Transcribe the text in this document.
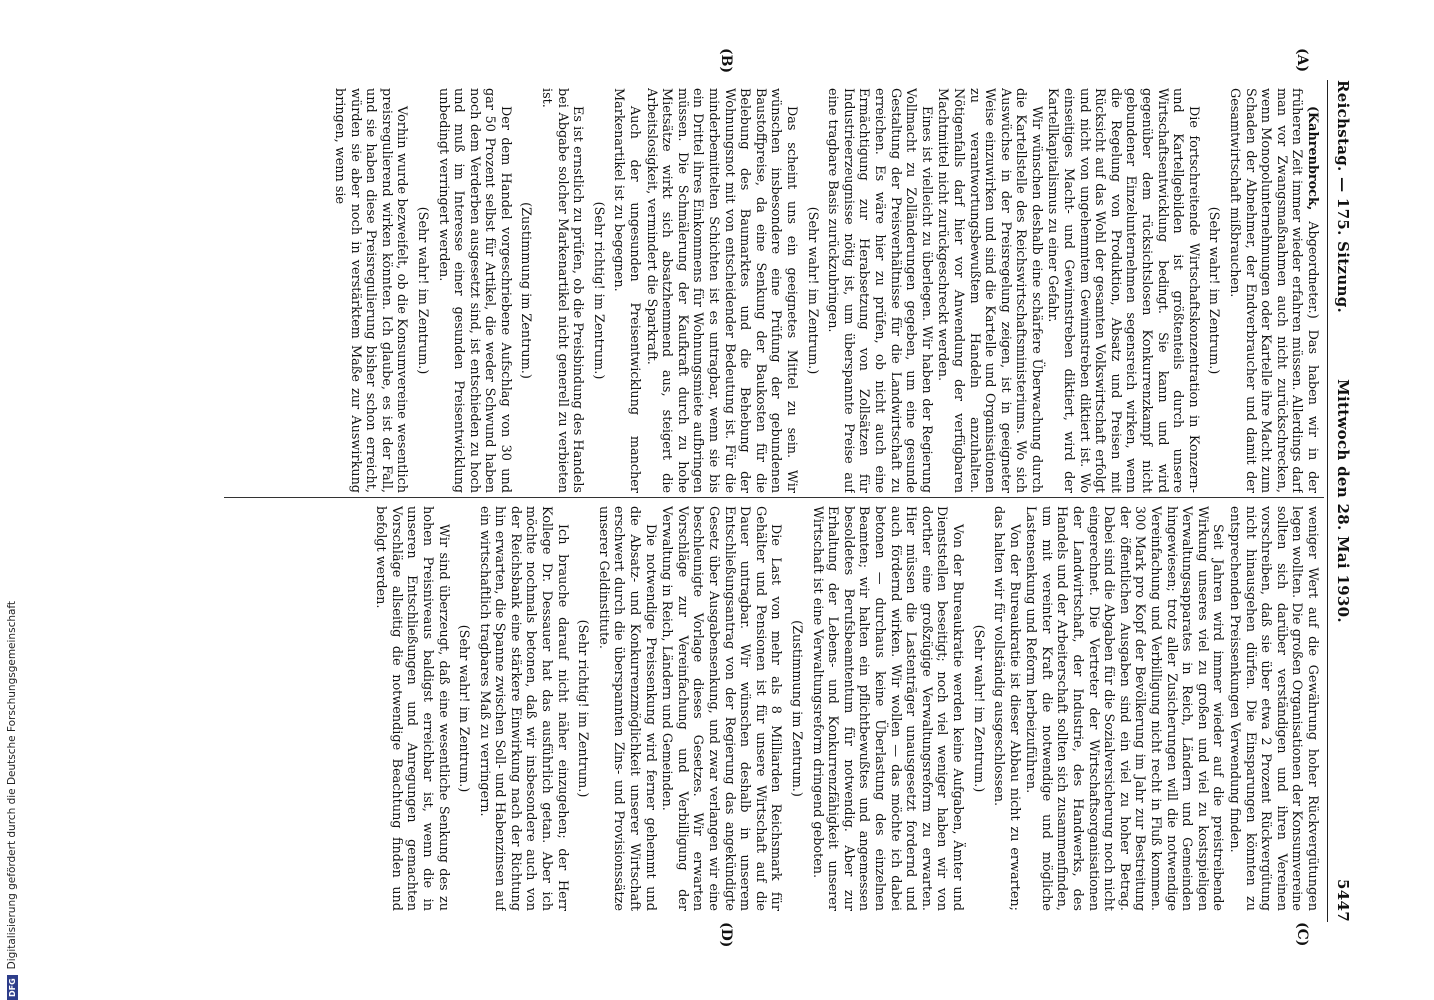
Reichstag. — 175. Sitzung.
Mittwoch den 28. Mai 1930.
5447
(A)
(B)
(C)
(D)

(Kahrenbrock, Abgeordneter.) Das haben wir in der früheren Zeit immer wieder erfahren müssen. Allerdings darf man vor Zwangsmaßnahmen auch nicht zurückschrecken, wenn Monopolunternehmungen oder Kartelle ihre Macht zum Schaden der Abnehmer, der Endverbraucher und damit der Gesamtwirtschaft mißbrauchen.

(Sehr wahr! im Zentrum.)

Die fortschreitende Wirtschaftskonzentration in Konzern- und Kartellgebilden ist größtenteils durch unsere Wirtschaftsentwicklung bedingt. Sie kann und wird gegenüber dem rücksichtslosen Konkurrenzkampf nicht gebundener Einzelunternehmen segensreich wirken, wenn die Regelung von Produktion, Absatz und Preisen mit Rücksicht auf das Wohl der gesamten Volkswirtschaft erfolgt und nicht von ungehemmtem Gewinnstreben diktiert ist. Wo einseitiges Macht- und Gewinnstreben diktiert, wird der Kartellkapitalismus zu einer Gefahr.

Wir wünschen deshalb eine schärfere Überwachung durch die Kartellstelle des Reichswirtschaftsministeriums. Wo sich Auswüchse in der Preisregelung zeigen, ist in geeigneter Weise einzuwirken und sind die Kartelle und Organisationen zu verantwortungsbewußtem Handeln anzuhalten. Nötigenfalls darf hier vor Anwendung der verfügbaren Machtmittel nicht zurückgeschreckt werden.

Eines ist vielleicht zu überlegen. Wir haben der Regierung Vollmacht zu Zolländerungen gegeben, um eine gesunde Gestaltung der Preisverhältnisse für die Landwirtschaft zu erreichen. Es wäre hier zu prüfen, ob nicht auch eine Ermächtigung zur Herabsetzung von Zollsätzen für Industrieerzeugnisse nötig ist, um überspannte Preise auf eine tragbare Basis zurückzubringen.

(Sehr wahr! im Zentrum.)

Das scheint uns ein geeignetes Mittel zu sein. Wir wünschen insbesondere eine Prüfung der gebundenen Baustoffpreise, da eine Senkung der Baukosten für die Belebung des Baumarktes und die Behebung der Wohnungsnot mit von entscheidender Bedeutung ist. Für die minderbemittelten Schichten ist es untragbar, wenn sie bis ein Drittel ihres Einkommens für Wohnungsmiete aufbringen müssen. Die Schmälerung der Kaufkraft durch zu hohe Mietsätze wirkt sich absatzhemmend aus, steigert die Arbeitslosigkeit, vermindert die Sparkraft.

Auch der ungesunden Preisentwicklung mancher Markenartikel ist zu begegnen.

(Sehr richtig! im Zentrum.)

Es ist ernstlich zu prüfen, ob die Preisbindung des Handels bei Abgabe solcher Markenartikel nicht generell zu verbieten ist.

(Zustimmung im Zentrum.)

Der dem Handel vorgeschriebene Aufschlag von 30 und gar 50 Prozent selbst für Artikel, die weder Schwund haben noch dem Verderben ausgesetzt sind, ist entschieden zu hoch und muß im Interesse einer gesunden Preisentwicklung unbedingt verringert werden.

(Sehr wahr! im Zentrum.)

Vorhin wurde bezweifelt, ob die Konsumvereine wesentlich preisregulierend wirken könnten. Ich glaube, es ist der Fall, und sie haben diese Preisregulierung bisher schon erreicht, würden sie aber noch in verstärktem Maße zur Auswirkung bringen, wenn sie

weniger Wert auf die Gewährung hoher Rückvergütungen legen wollten. Die großen Organisationen der Konsumvereine sollten sich darüber verständigen und ihren Vereinen vorschreiben, daß sie über etwa 2 Prozent Rückvergütung nicht hinausgehen dürfen. Die Einsparungen könnten zu entsprechenden Preissenkungen Verwendung finden.

Seit Jahren wird immer wieder auf die preistreibende Wirkung unseres viel zu großen und viel zu kostspieligen Verwaltungsapparates in Reich, Ländern und Gemeinden hingewiesen; trotz aller Zusicherungen will die notwendige Vereinfachung und Verbilligung nicht recht in Fluß kommen. 300 Mark pro Kopf der Bevölkerung im Jahr zur Bestreitung der öffentlichen Ausgaben sind ein viel zu hoher Betrag. Dabei sind die Abgaben für die Sozialversicherung noch nicht eingerechnet. Die Vertreter der Wirtschaftsorganisationen der Landwirtschaft, der Industrie, des Handwerks, des Handels und der Arbeiterschaft sollten sich zusammenfinden, um mit vereinter Kraft die notwendige und mögliche Lastensenkung und Reform herbeizuführen.

Von der Bureaukratie ist dieser Abbau nicht zu erwarten; das halten wir für vollständig ausgeschlossen.

(Sehr wahr! im Zentrum.)

Von der Bureaukratie werden keine Aufgaben, Ämter und Dienststellen beseitigt; noch viel weniger haben wir von dorther eine großzügige Verwaltungsreform zu erwarten. Hier müssen die Lastenträger unausgesetzt fordernd und auch fördernd wirken. Wir wollen — das möchte ich dabei betonen — durchaus keine Überlastung des einzelnen Beamten; wir halten ein pflichtbewußtes und angemessen besoldetes Berufsbeamtentum für notwendig. Aber zur Erhaltung der Lebens- und Konkurrenzfähigkeit unserer Wirtschaft ist eine Verwaltungsreform dringend geboten.

(Zustimmung im Zentrum.)

Die Last von mehr als 8 Milliarden Reichsmark für Gehälter und Pensionen ist für unsere Wirtschaft auf die Dauer untragbar. Wir wünschen deshalb in unserem Entschließungsantrag von der Regierung das angekündigte Gesetz über Ausgabensenkung, und zwar verlangen wir eine beschleunigte Vorlage dieses Gesetzes. Wir erwarten Vorschläge zur Vereinfachung und Verbilligung der Verwaltung in Reich, Ländern und Gemeinden.

Die notwendige Preissenkung wird ferner gehemmt und die Absatz- und Konkurrenzmöglichkeit unserer Wirtschaft erschwert durch die überspannten Zins- und Provisionssätze unserer Geldinstitute.

(Sehr richtig! im Zentrum.)

Ich brauche darauf nicht näher einzugehen; der Herr Kollege Dr. Dessauer hat das ausführlich getan. Aber ich möchte nochmals betonen, daß wir insbesondere auch von der Reichsbank eine stärkere Einwirkung nach der Richtung hin erwarten, die Spanne zwischen Soll- und Habenzinsen auf ein wirtschaftlich tragbares Maß zu verringern.

(Sehr wahr! im Zentrum.)

Wir sind überzeugt, daß eine wesentliche Senkung des zu hohen Preisniveaus baldigst erreichbar ist, wenn die in unseren Entschließungen und Anregungen gemachten Vorschläge allseitig die notwendige Beachtung finden und befolgt werden.

DFGDigitalisierung gefördert durch die Deutsche Forschungsgemeinschaft
